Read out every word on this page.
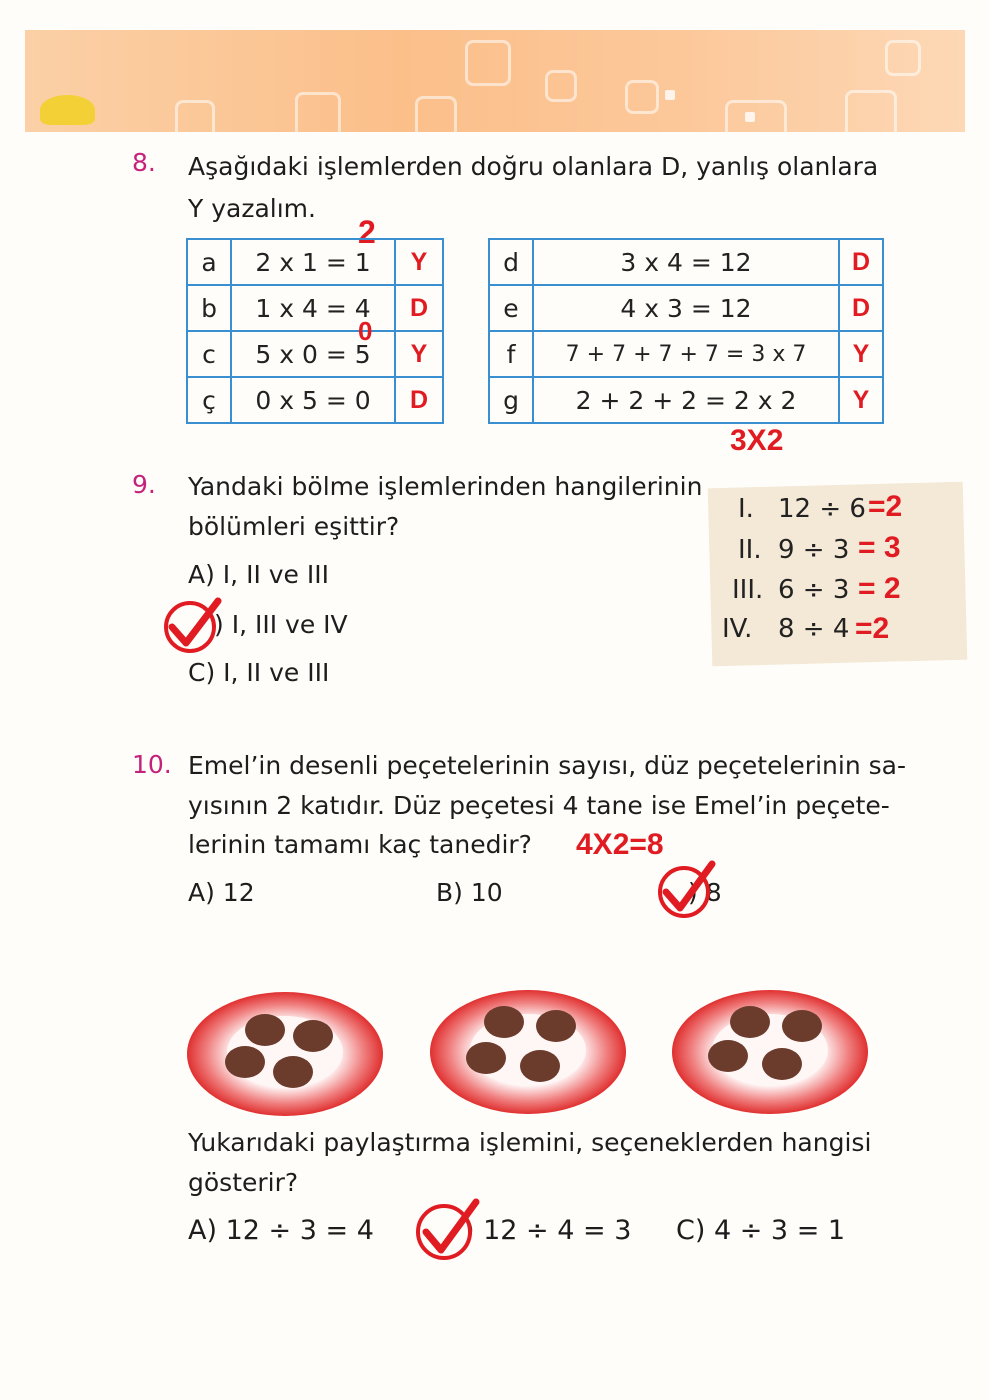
8. Aşağıdaki işlemlerden doğru olanlara D, yanlış olanlara
Y yazalım.
2
a	2 x 1 = 1	Y
b	1 x 4 = 4	D
c	5 x 0 = 5	Y
ç	0 x 5 = 0	D
0
d	3 x 4 = 12	D
e	4 x 3 = 12	D
f	7 + 7 + 7 + 7 = 3 x 7	Y
g	2 + 2 + 2 = 2 x 2	Y
3X2
9. Yandaki bölme işlemlerinden hangilerinin
bölümleri eşittir?
A) I, II ve III
) I, III ve IV
C) I, II ve III
I. 12 ÷ 6
II. 9 ÷ 3
III. 6 ÷ 3
IV. 8 ÷ 4
=2
= 3
= 2
=2
10. Emel’in desenli peçetelerinin sayısı, düz peçetelerinin sa-
yısının 2 katıdır. Düz peçetesi 4 tane ise Emel’in peçete-
lerinin tamamı kaç tanedir? 4X2=8
A) 12	B) 10	) 8
Yukarıdaki paylaştırma işlemini, seçeneklerden hangisi
gösterir?
A) 12 ÷ 3 = 4	) 12 ÷ 4 = 3 C) 4 ÷ 3 = 1
